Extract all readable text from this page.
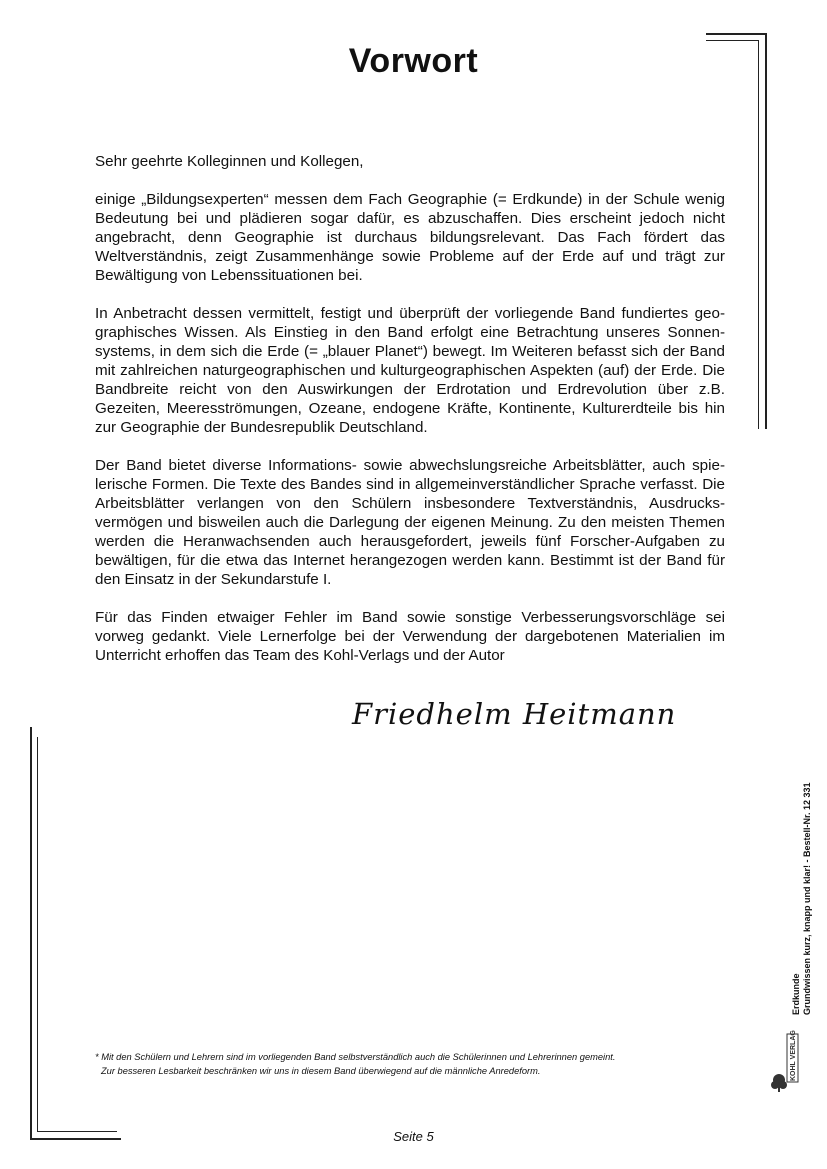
Vorwort

Sehr geehrte Kolleginnen und Kollegen,

einige „Bildungsexperten“ messen dem Fach Geographie (= Erdkunde) in der Schule wenig Bedeutung bei und plädieren sogar dafür, es abzuschaffen. Dies erscheint jedoch nicht angebracht, denn Geographie ist durchaus bildungsrelevant. Das Fach fördert das Weltverständnis, zeigt Zusammenhänge sowie Probleme auf der Erde auf und trägt zur Bewältigung von Lebenssituationen bei.

In Anbetracht dessen vermittelt, festigt und überprüft der vorliegende Band fundiertes geographisches Wissen. Als Einstieg in den Band erfolgt eine Betrachtung unseres Sonnensystems, in dem sich die Erde (= „blauer Planet“) bewegt. Im Weiteren befasst sich der Band mit zahlreichen naturgeographischen und kulturgeographischen Aspekten (auf) der Erde. Die Bandbreite reicht von den Auswirkungen der Erdrotation und Erdrevolution über z.B. Gezeiten, Meeresströmungen, Ozeane, endogene Kräfte, Kontinente, Kulturerdteile bis hin zur Geographie der Bundesrepublik Deutschland.

Der Band bietet diverse Informations- sowie abwechslungsreiche Arbeitsblätter, auch spielerische Formen. Die Texte des Bandes sind in allgemeinverständlicher Sprache verfasst. Die Arbeitsblätter verlangen von den Schülern insbesondere Textverständnis, Ausdrucksvermögen und bisweilen auch die Darlegung der eigenen Meinung. Zu den meisten Themen werden die Heranwachsenden auch herausgefordert, jeweils fünf Forscher-Aufgaben zu bewältigen, für die etwa das Internet herangezogen werden kann. Bestimmt ist der Band für den Einsatz in der Sekundarstufe I.

Für das Finden etwaiger Fehler im Band sowie sonstige Verbesserungsvorschläge sei vorweg gedankt. Viele Lernerfolge bei der Verwendung der dargebotenen Materialien im Unterricht erhoffen das Team des Kohl-Verlags und der Autor

Friedhelm Heitmann
* Mit den Schülern und Lehrern sind im vorliegenden Band selbstverständlich auch die Schülerinnen und Lehrerinnen gemeint.
Zur besseren Lesbarkeit beschränken wir uns in diesem Band überwiegend auf die männliche Anredeform.
Seite 5
Erdkunde Grundwissen kurz, knapp und klar! - Bestell-Nr. 12 331
KOHL VERLAG
